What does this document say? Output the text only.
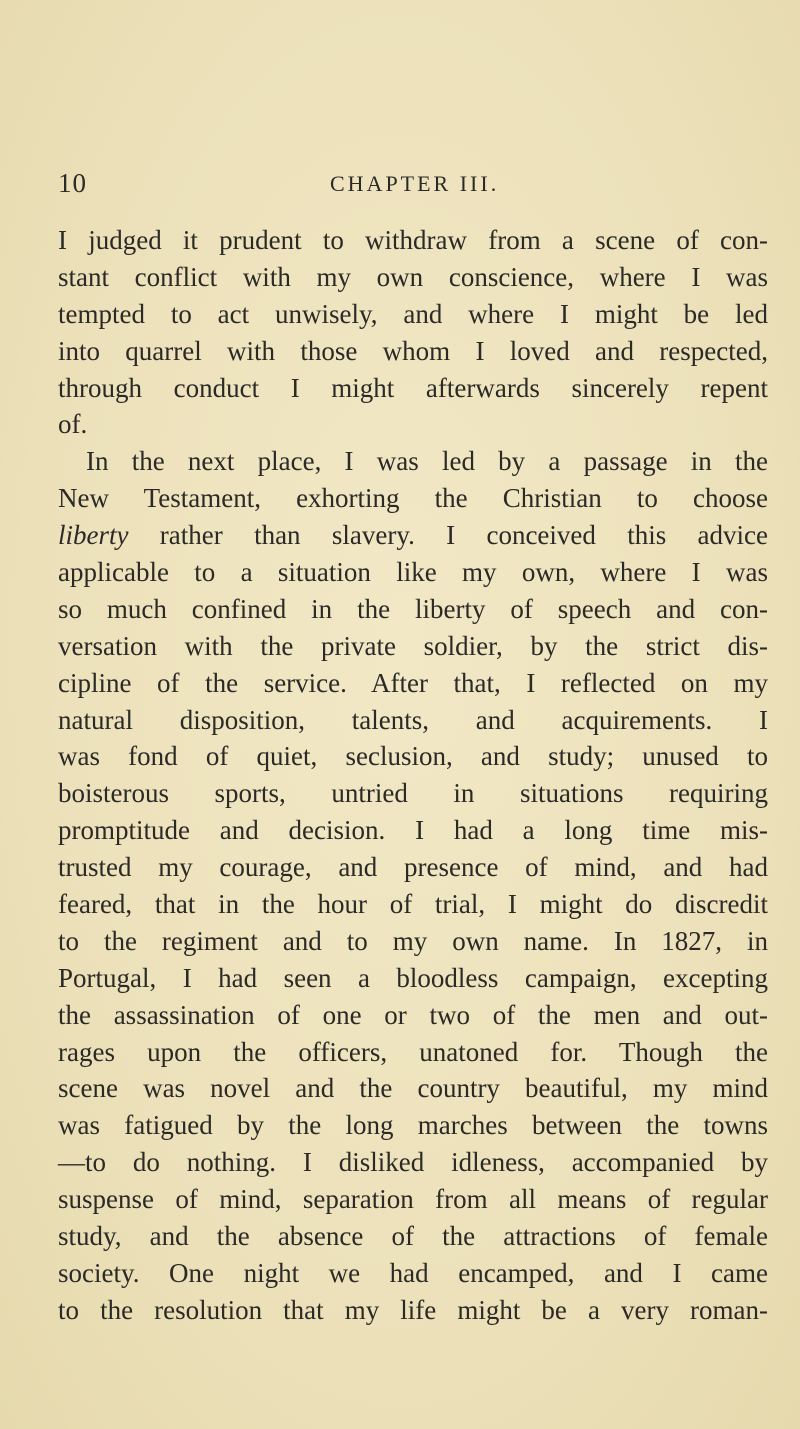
10	CHAPTER III.
I judged it prudent to withdraw from a scene of con-
stant conflict with my own conscience, where I was
tempted to act unwisely, and where I might be led
into quarrel with those whom I loved and respected,
through conduct I might afterwards sincerely repent
of.
In the next place, I was led by a passage in the
New Testament, exhorting the Christian to choose
liberty rather than slavery. I conceived this advice
applicable to a situation like my own, where I was
so much confined in the liberty of speech and con-
versation with the private soldier, by the strict dis-
cipline of the service. After that, I reflected on my
natural disposition, talents, and acquirements. I
was fond of quiet, seclusion, and study; unused to
boisterous sports, untried in situations requiring
promptitude and decision. I had a long time mis-
trusted my courage, and presence of mind, and had
feared, that in the hour of trial, I might do discredit
to the regiment and to my own name. In 1827, in
Portugal, I had seen a bloodless campaign, excepting
the assassination of one or two of the men and out-
rages upon the officers, unatoned for. Though the
scene was novel and the country beautiful, my mind
was fatigued by the long marches between the towns
—to do nothing. I disliked idleness, accompanied by
suspense of mind, separation from all means of regular
study, and the absence of the attractions of female
society. One night we had encamped, and I came
to the resolution that my life might be a very roman-
